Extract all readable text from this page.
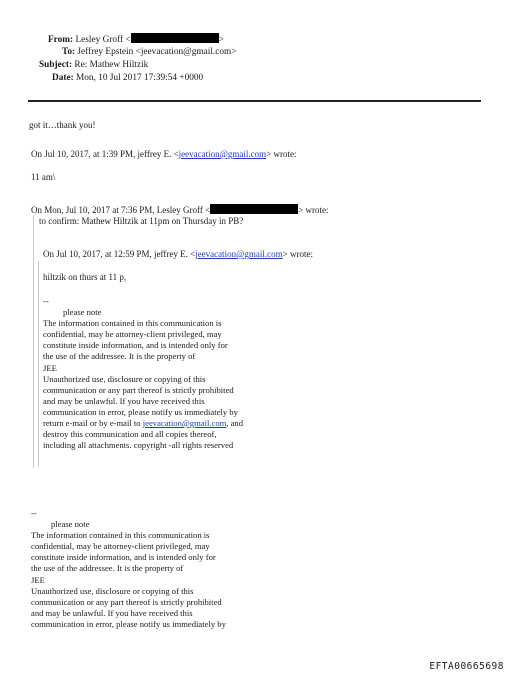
From: Lesley Groff <	>
To: Jeffrey Epstein <jeevacation@gmail.com>
Subject: Re: Mathew Hiltzik
Date: Mon, 10 Jul 2017 17:39:54 +0000
got it…thank you!
On Jul 10, 2017, at 1:39 PM, jeffrey E. <jeevacation@gmail.com> wrote:
11 am\
On Mon, Jul 10, 2017 at 7:36 PM, Lesley Groff <	> wrote:
to confirm: Mathew Hiltzik at 11pm on Thursday in PB?
On Jul 10, 2017, at 12:59 PM, jeffrey E. <jeevacation@gmail.com> wrote:
hiltzik on thurs at 11 p,
--
please note
The information contained in this communication is
confidential, may be attorney-client privileged, may
constitute inside information, and is intended only for
the use of the addressee. It is the property of
JEE
Unauthorized use, disclosure or copying of this
communication or any part thereof is strictly prohibited
and may be unlawful. If you have received this
communication in error, please notify us immediately by
return e-mail or by e-mail to jeevacation@gmail.com, and
destroy this communication and all copies thereof,
including all attachments. copyright -all rights reserved
--
please note
The information contained in this communication is
confidential, may be attorney-client privileged, may
constitute inside information, and is intended only for
the use of the addressee. It is the property of
JEE
Unauthorized use, disclosure or copying of this
communication or any part thereof is strictly prohibited
and may be unlawful. If you have received this
communication in error, please notify us immediately by
EFTA00665698
